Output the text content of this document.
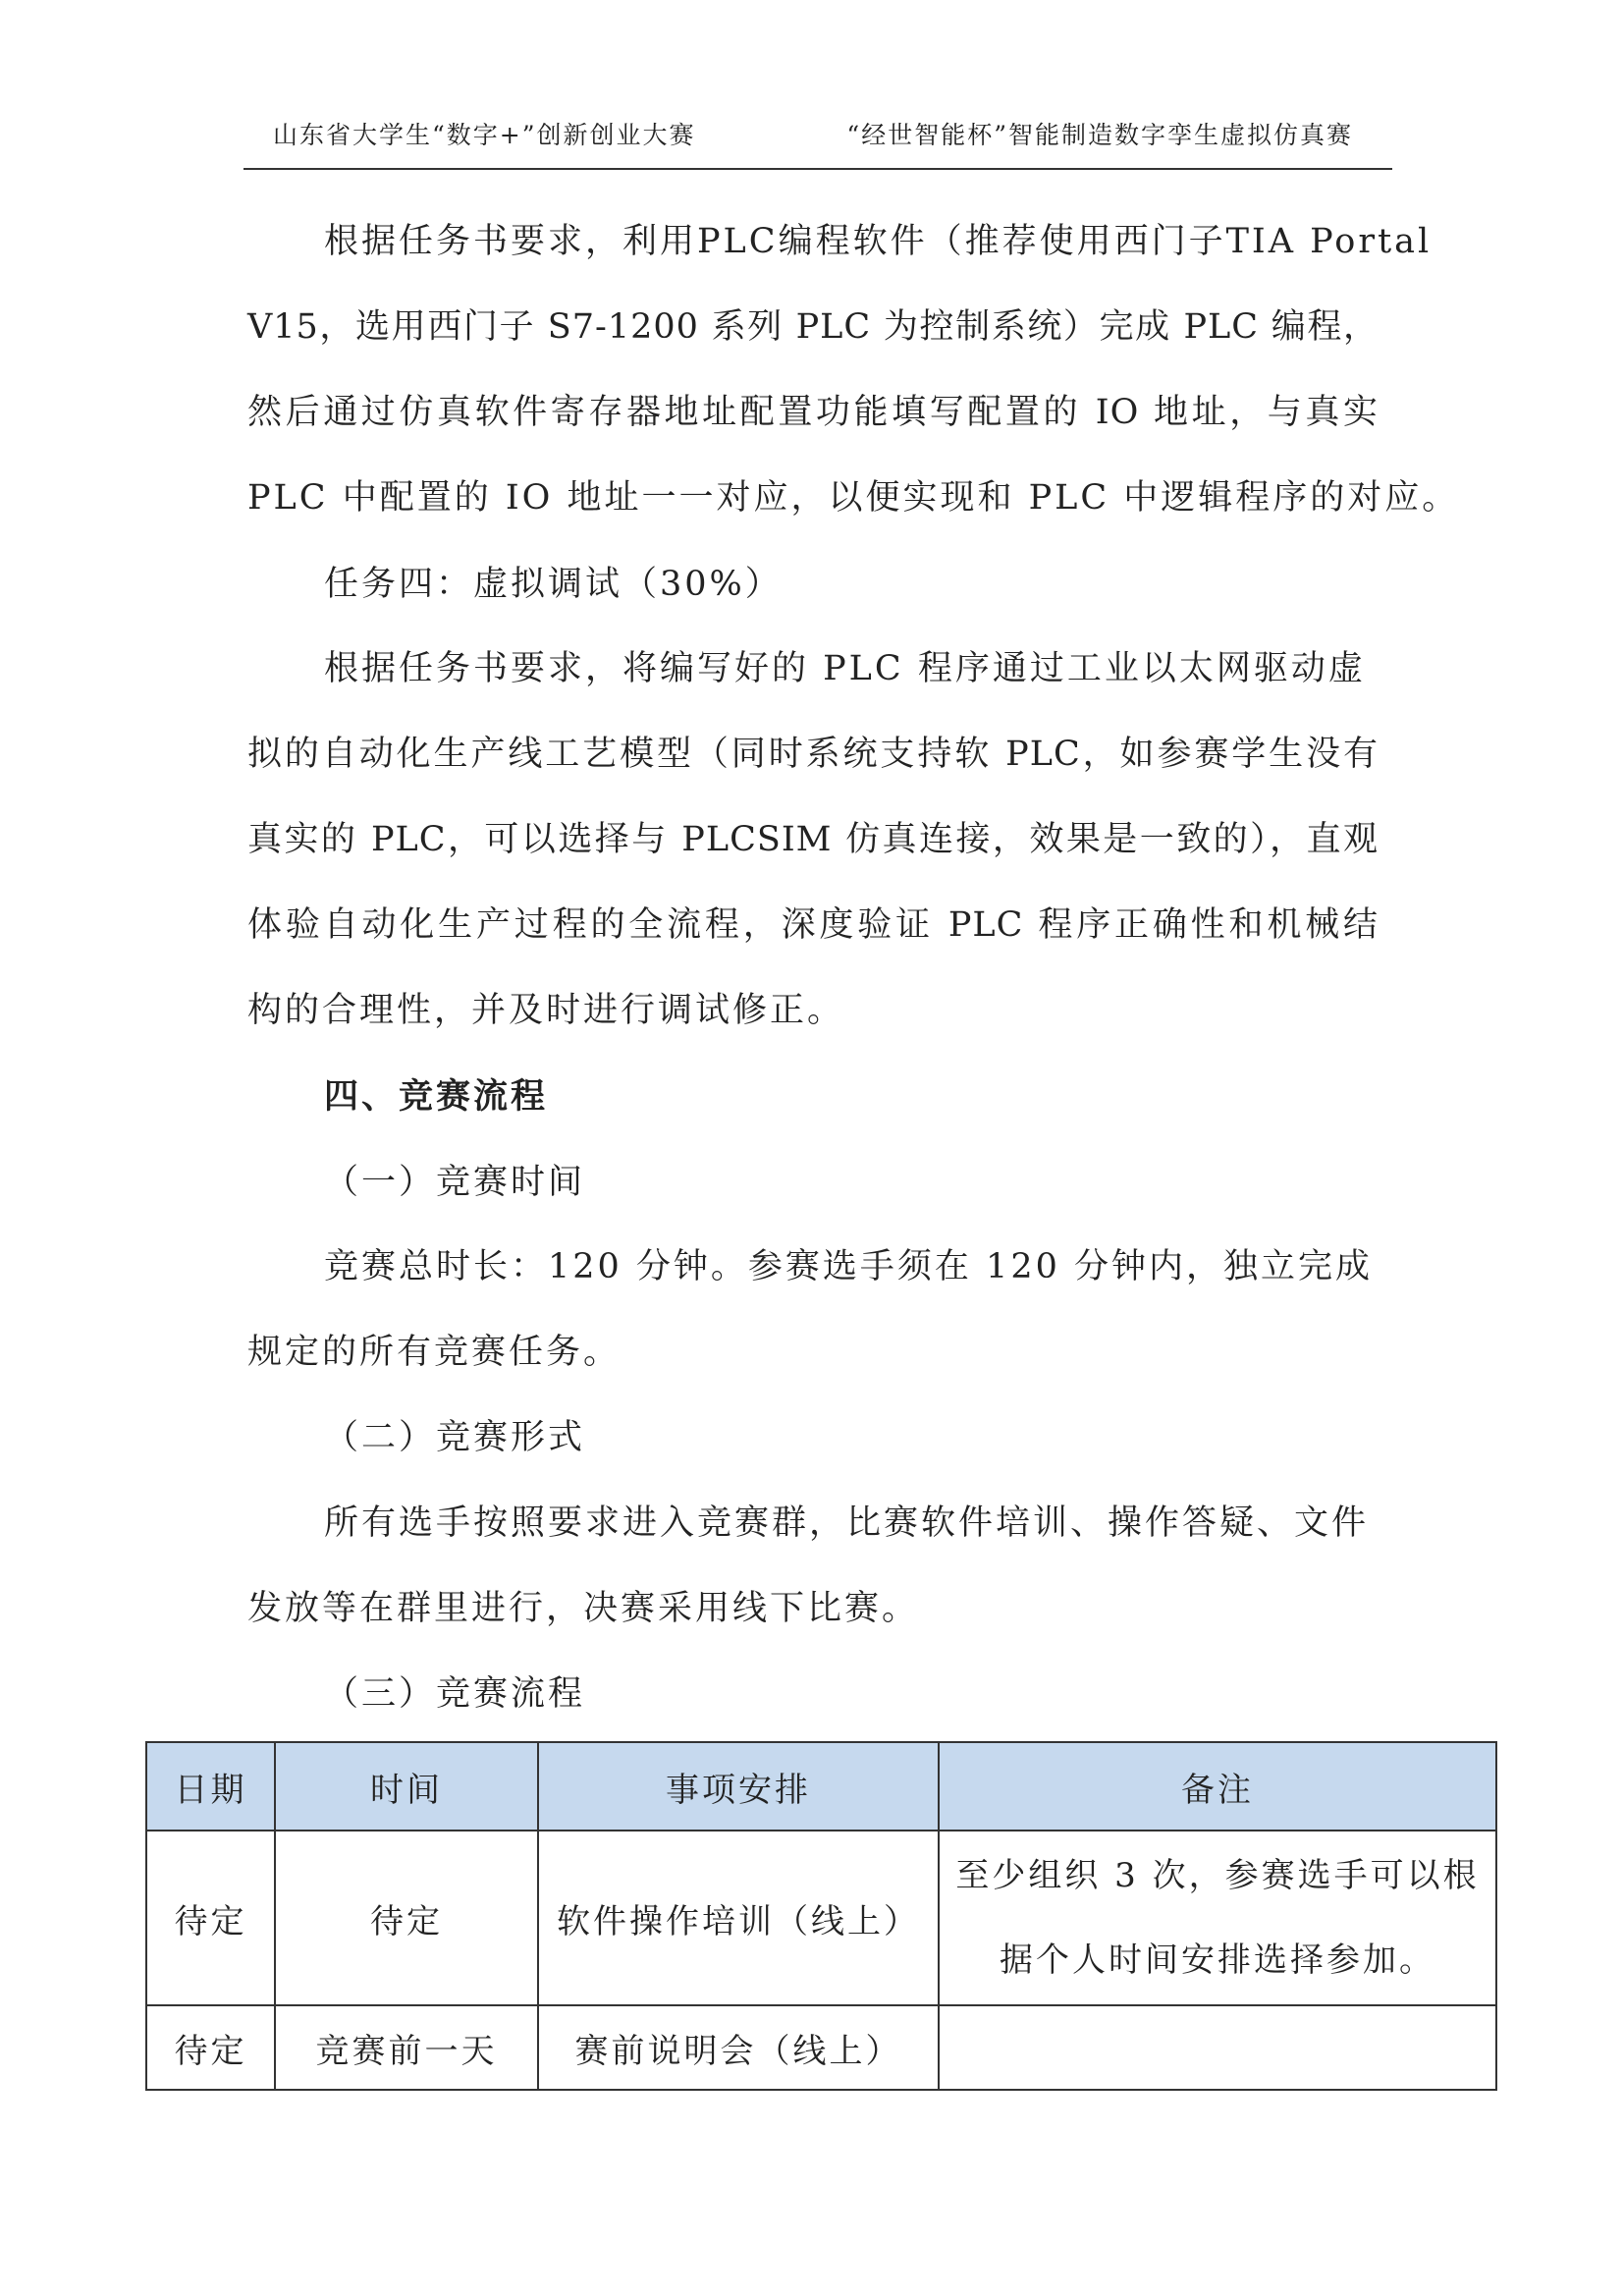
山东省大学生“数字+”创新创业大赛	“经世智能杯”智能制造数字孪生虚拟仿真赛
根据任务书要求，利用PLC编程软件（推荐使用西门子TIA Portal
V15，选用西门子 S7-1200 系列 PLC 为控制系统）完成 PLC 编程，
然后通过仿真软件寄存器地址配置功能填写配置的 IO 地址，与真实
PLC 中配置的 IO 地址一一对应，以便实现和 PLC 中逻辑程序的对应。
任务四：虚拟调试（30%）
根据任务书要求，将编写好的 PLC 程序通过工业以太网驱动虚
拟的自动化生产线工艺模型（同时系统支持软 PLC，如参赛学生没有
真实的 PLC，可以选择与 PLCSIM 仿真连接，效果是一致的），直观
体验自动化生产过程的全流程，深度验证 PLC 程序正确性和机械结
构的合理性，并及时进行调试修正。
四、竞赛流程
（一）竞赛时间
竞赛总时长：120 分钟。参赛选手须在 120 分钟内，独立完成
规定的所有竞赛任务。
（二）竞赛形式
所有选手按照要求进入竞赛群，比赛软件培训、操作答疑、文件
发放等在群里进行，决赛采用线下比赛。
（三）竞赛流程
日期	时间	事项安排	备注
待定	待定	软件操作培训（线上）	至少组织 3 次，参赛选手可以根据个人时间安排选择参加。

待定	竞赛前一天	赛前说明会（线上）	
